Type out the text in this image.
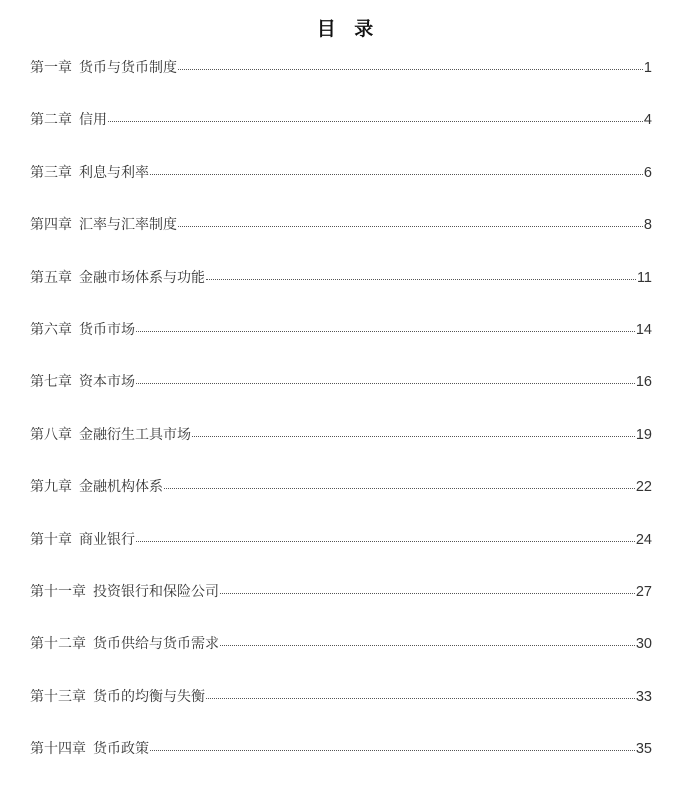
目 录
第一章 货币与货币制度	1
第二章 信用	4
第三章 利息与利率	6
第四章 汇率与汇率制度	8
第五章 金融市场体系与功能	11
第六章 货币市场	14
第七章 资本市场	16
第八章 金融衍生工具市场	19
第九章 金融机构体系	22
第十章 商业银行	24
第十一章 投资银行和保险公司	27
第十二章 货币供给与货币需求	30
第十三章 货币的均衡与失衡	33
第十四章 货币政策	35
